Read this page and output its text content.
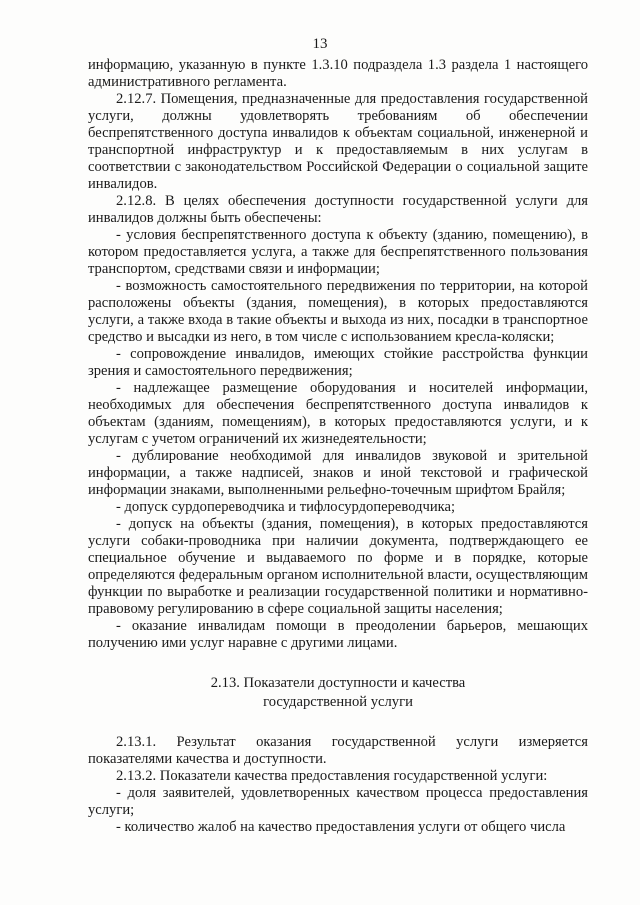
13

информацию, указанную в пункте 1.3.10 подраздела 1.3 раздела 1 настоящего административного регламента.

2.12.7. Помещения, предназначенные для предоставления государственной услуги, должны удовлетворять требованиям об обеспечении беспрепятственного доступа инвалидов к объектам социальной, инженерной и транспортной инфраструктур и к предоставляемым в них услугам в соответствии с законодательством Российской Федерации о социальной защите инвалидов.

2.12.8. В целях обеспечения доступности государственной услуги для инвалидов должны быть обеспечены:

- условия беспрепятственного доступа к объекту (зданию, помещению), в котором предоставляется услуга, а также для беспрепятственного пользования транспортом, средствами связи и информации;

- возможность самостоятельного передвижения по территории, на которой расположены объекты (здания, помещения), в которых предоставляются услуги, а также входа в такие объекты и выхода из них, посадки в транспортное средство и высадки из него, в том числе с использованием кресла-коляски;

- сопровождение инвалидов, имеющих стойкие расстройства функции зрения и самостоятельного передвижения;

- надлежащее размещение оборудования и носителей информации, необходимых для обеспечения беспрепятственного доступа инвалидов к объектам (зданиям, помещениям), в которых предоставляются услуги, и к услугам с учетом ограничений их жизнедеятельности;

- дублирование необходимой для инвалидов звуковой и зрительной информации, а также надписей, знаков и иной текстовой и графической информации знаками, выполненными рельефно-точечным шрифтом Брайля;

- допуск сурдопереводчика и тифлосурдопереводчика;

- допуск на объекты (здания, помещения), в которых предоставляются услуги собаки-проводника при наличии документа, подтверждающего ее специальное обучение и выдаваемого по форме и в порядке, которые определяются федеральным органом исполнительной власти, осуществляющим функции по выработке и реализации государственной политики и нормативно-правовому регулированию в сфере социальной защиты населения;

- оказание инвалидам помощи в преодолении барьеров, мешающих получению ими услуг наравне с другими лицами.

2.13. Показатели доступности и качества
государственной услуги

2.13.1. Результат оказания государственной услуги измеряется показателями качества и доступности.

2.13.2. Показатели качества предоставления государственной услуги:

- доля заявителей, удовлетворенных качеством процесса предоставления услуги;

- количество жалоб на качество предоставления услуги от общего числа
